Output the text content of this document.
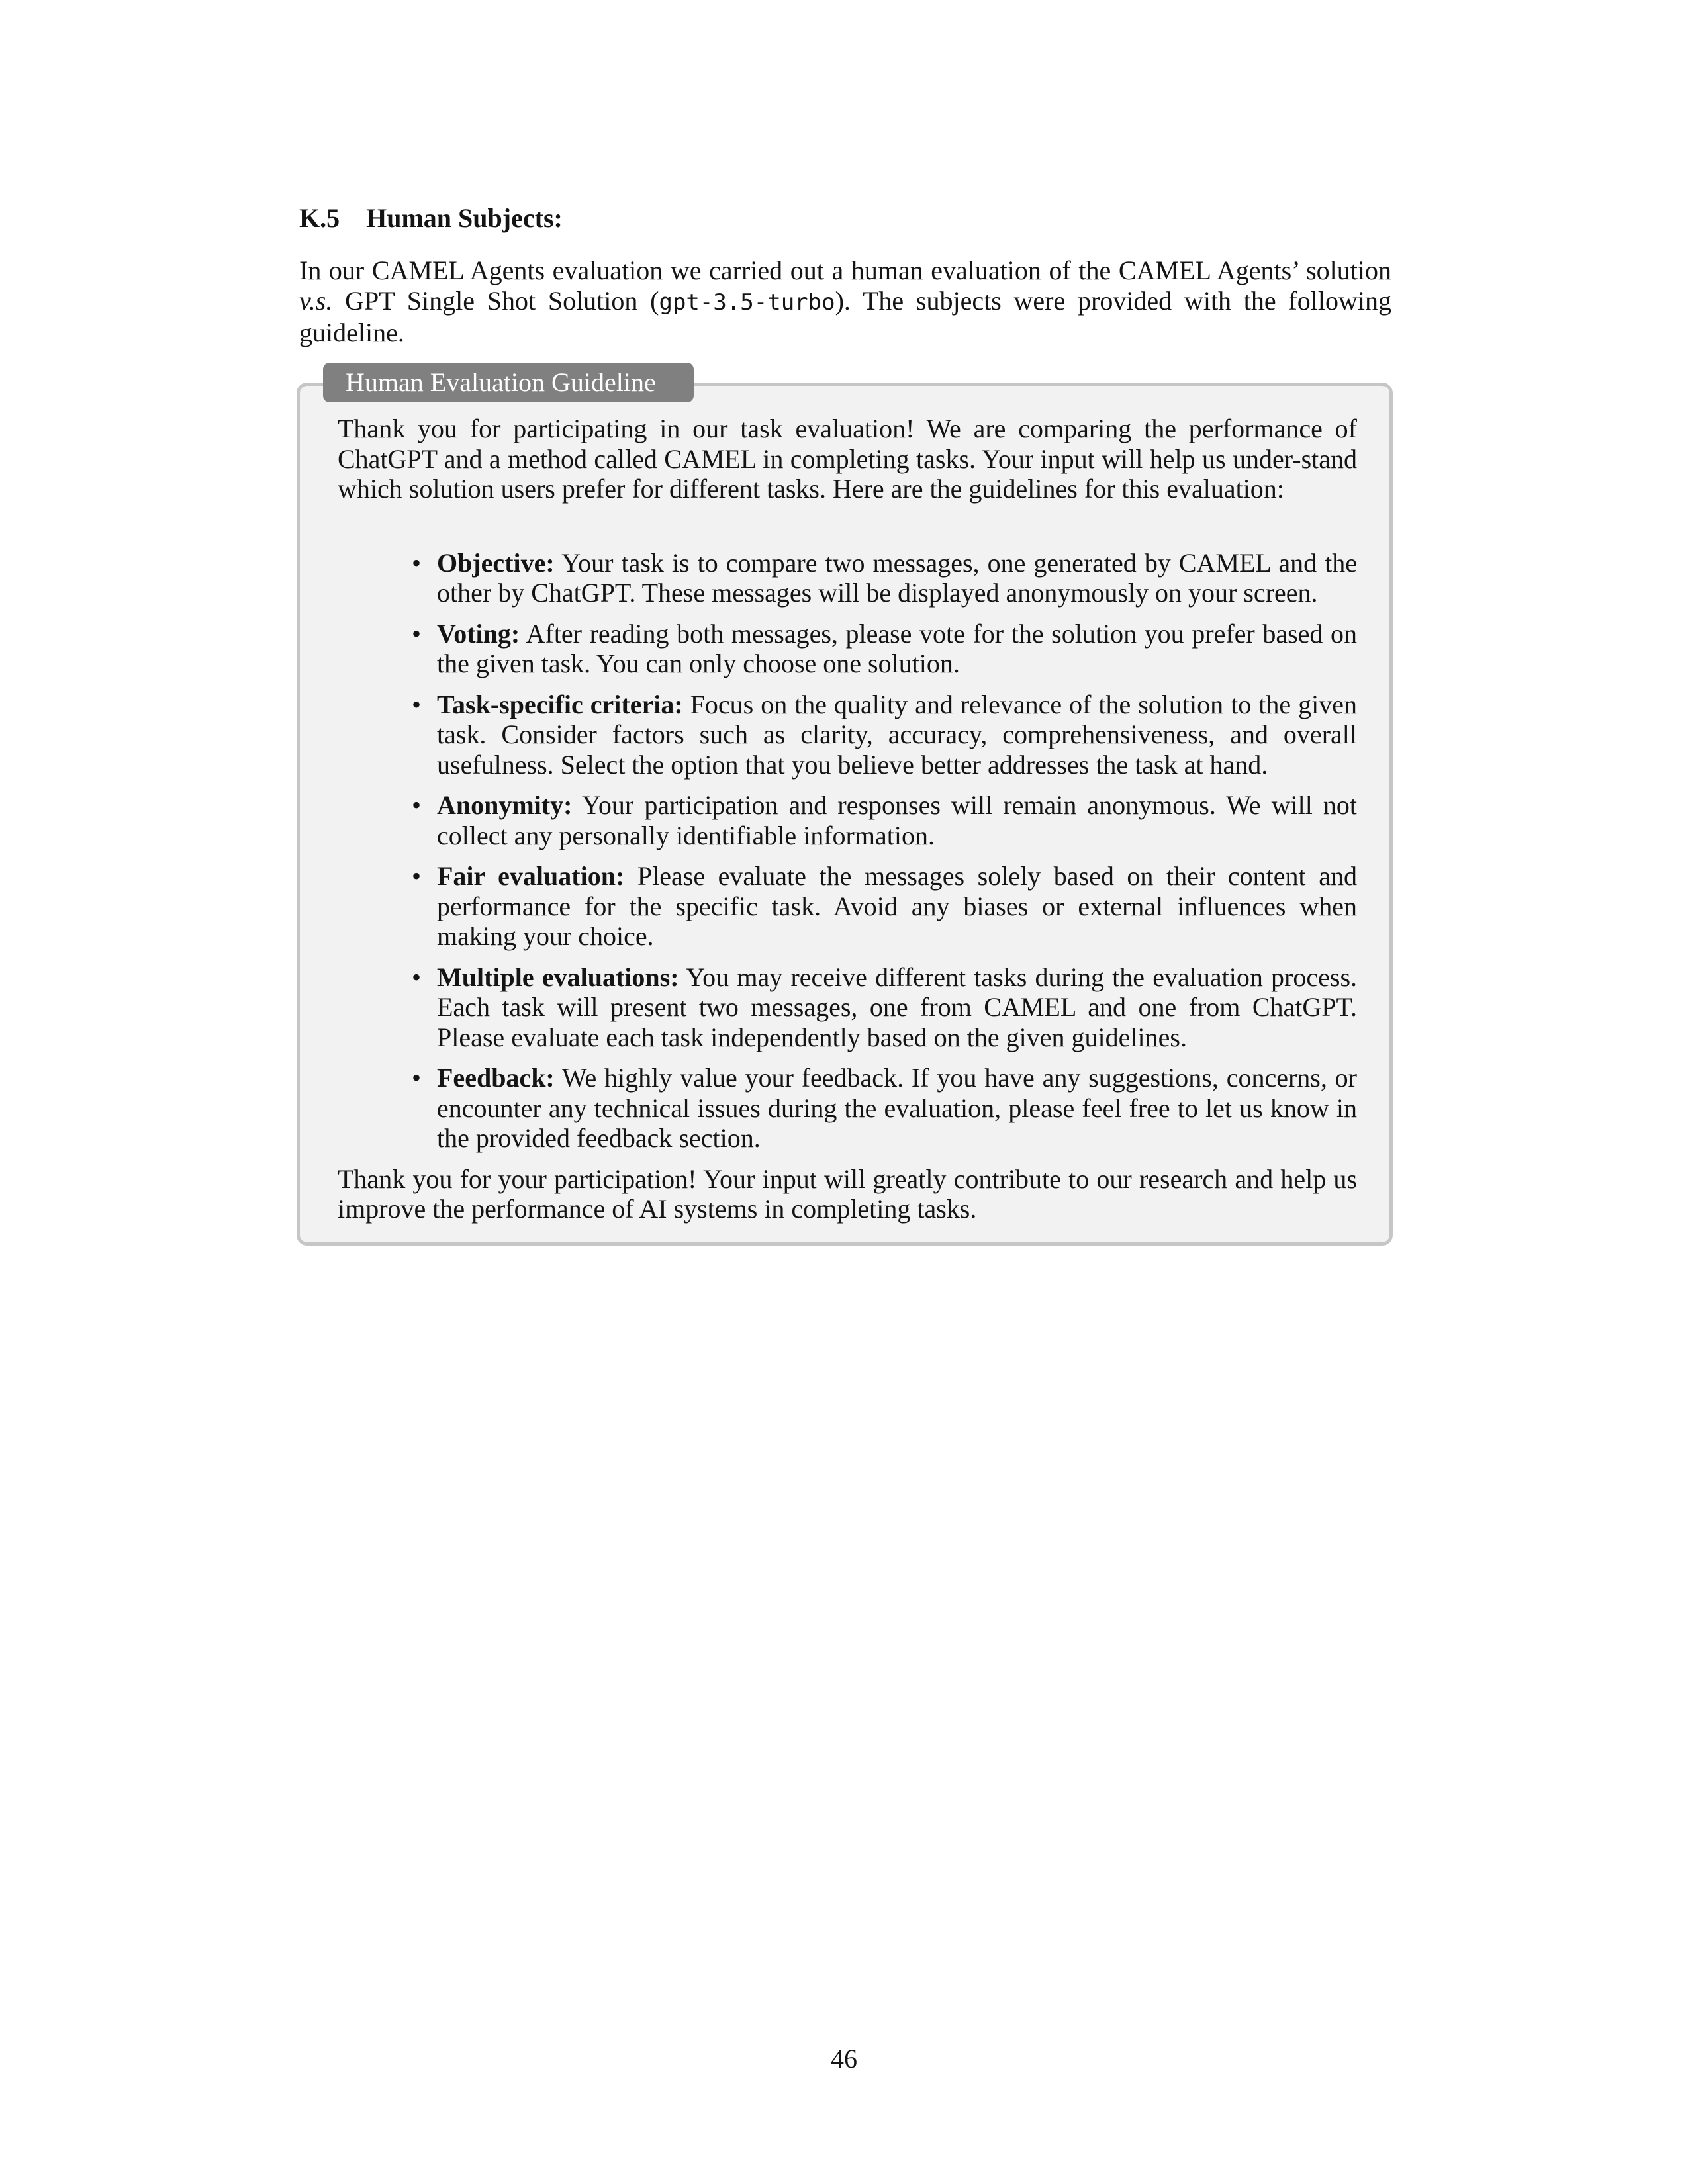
K.5 Human Subjects:
In our CAMEL Agents evaluation we carried out a human evaluation of the CAMEL Agents’ solution v.s. GPT Single Shot Solution (gpt-3.5-turbo). The subjects were provided with the following guideline.
Human Evaluation Guideline

Thank you for participating in our task evaluation! We are comparing the performance of ChatGPT and a method called CAMEL in completing tasks. Your input will help us under-stand which solution users prefer for different tasks. Here are the guidelines for this evaluation:

• Objective: Your task is to compare two messages, one generated by CAMEL and the other by ChatGPT. These messages will be displayed anonymously on your screen.
• Voting: After reading both messages, please vote for the solution you prefer based on the given task. You can only choose one solution.
• Task-specific criteria: Focus on the quality and relevance of the solution to the given task. Consider factors such as clarity, accuracy, comprehensiveness, and overall usefulness. Select the option that you believe better addresses the task at hand.
• Anonymity: Your participation and responses will remain anonymous. We will not collect any personally identifiable information.
• Fair evaluation: Please evaluate the messages solely based on their content and performance for the specific task. Avoid any biases or external influences when making your choice.
• Multiple evaluations: You may receive different tasks during the evaluation process. Each task will present two messages, one from CAMEL and one from ChatGPT. Please evaluate each task independently based on the given guidelines.
• Feedback: We highly value your feedback. If you have any suggestions, concerns, or encounter any technical issues during the evaluation, please feel free to let us know in the provided feedback section.

Thank you for your participation! Your input will greatly contribute to our research and help us improve the performance of AI systems in completing tasks.

46
